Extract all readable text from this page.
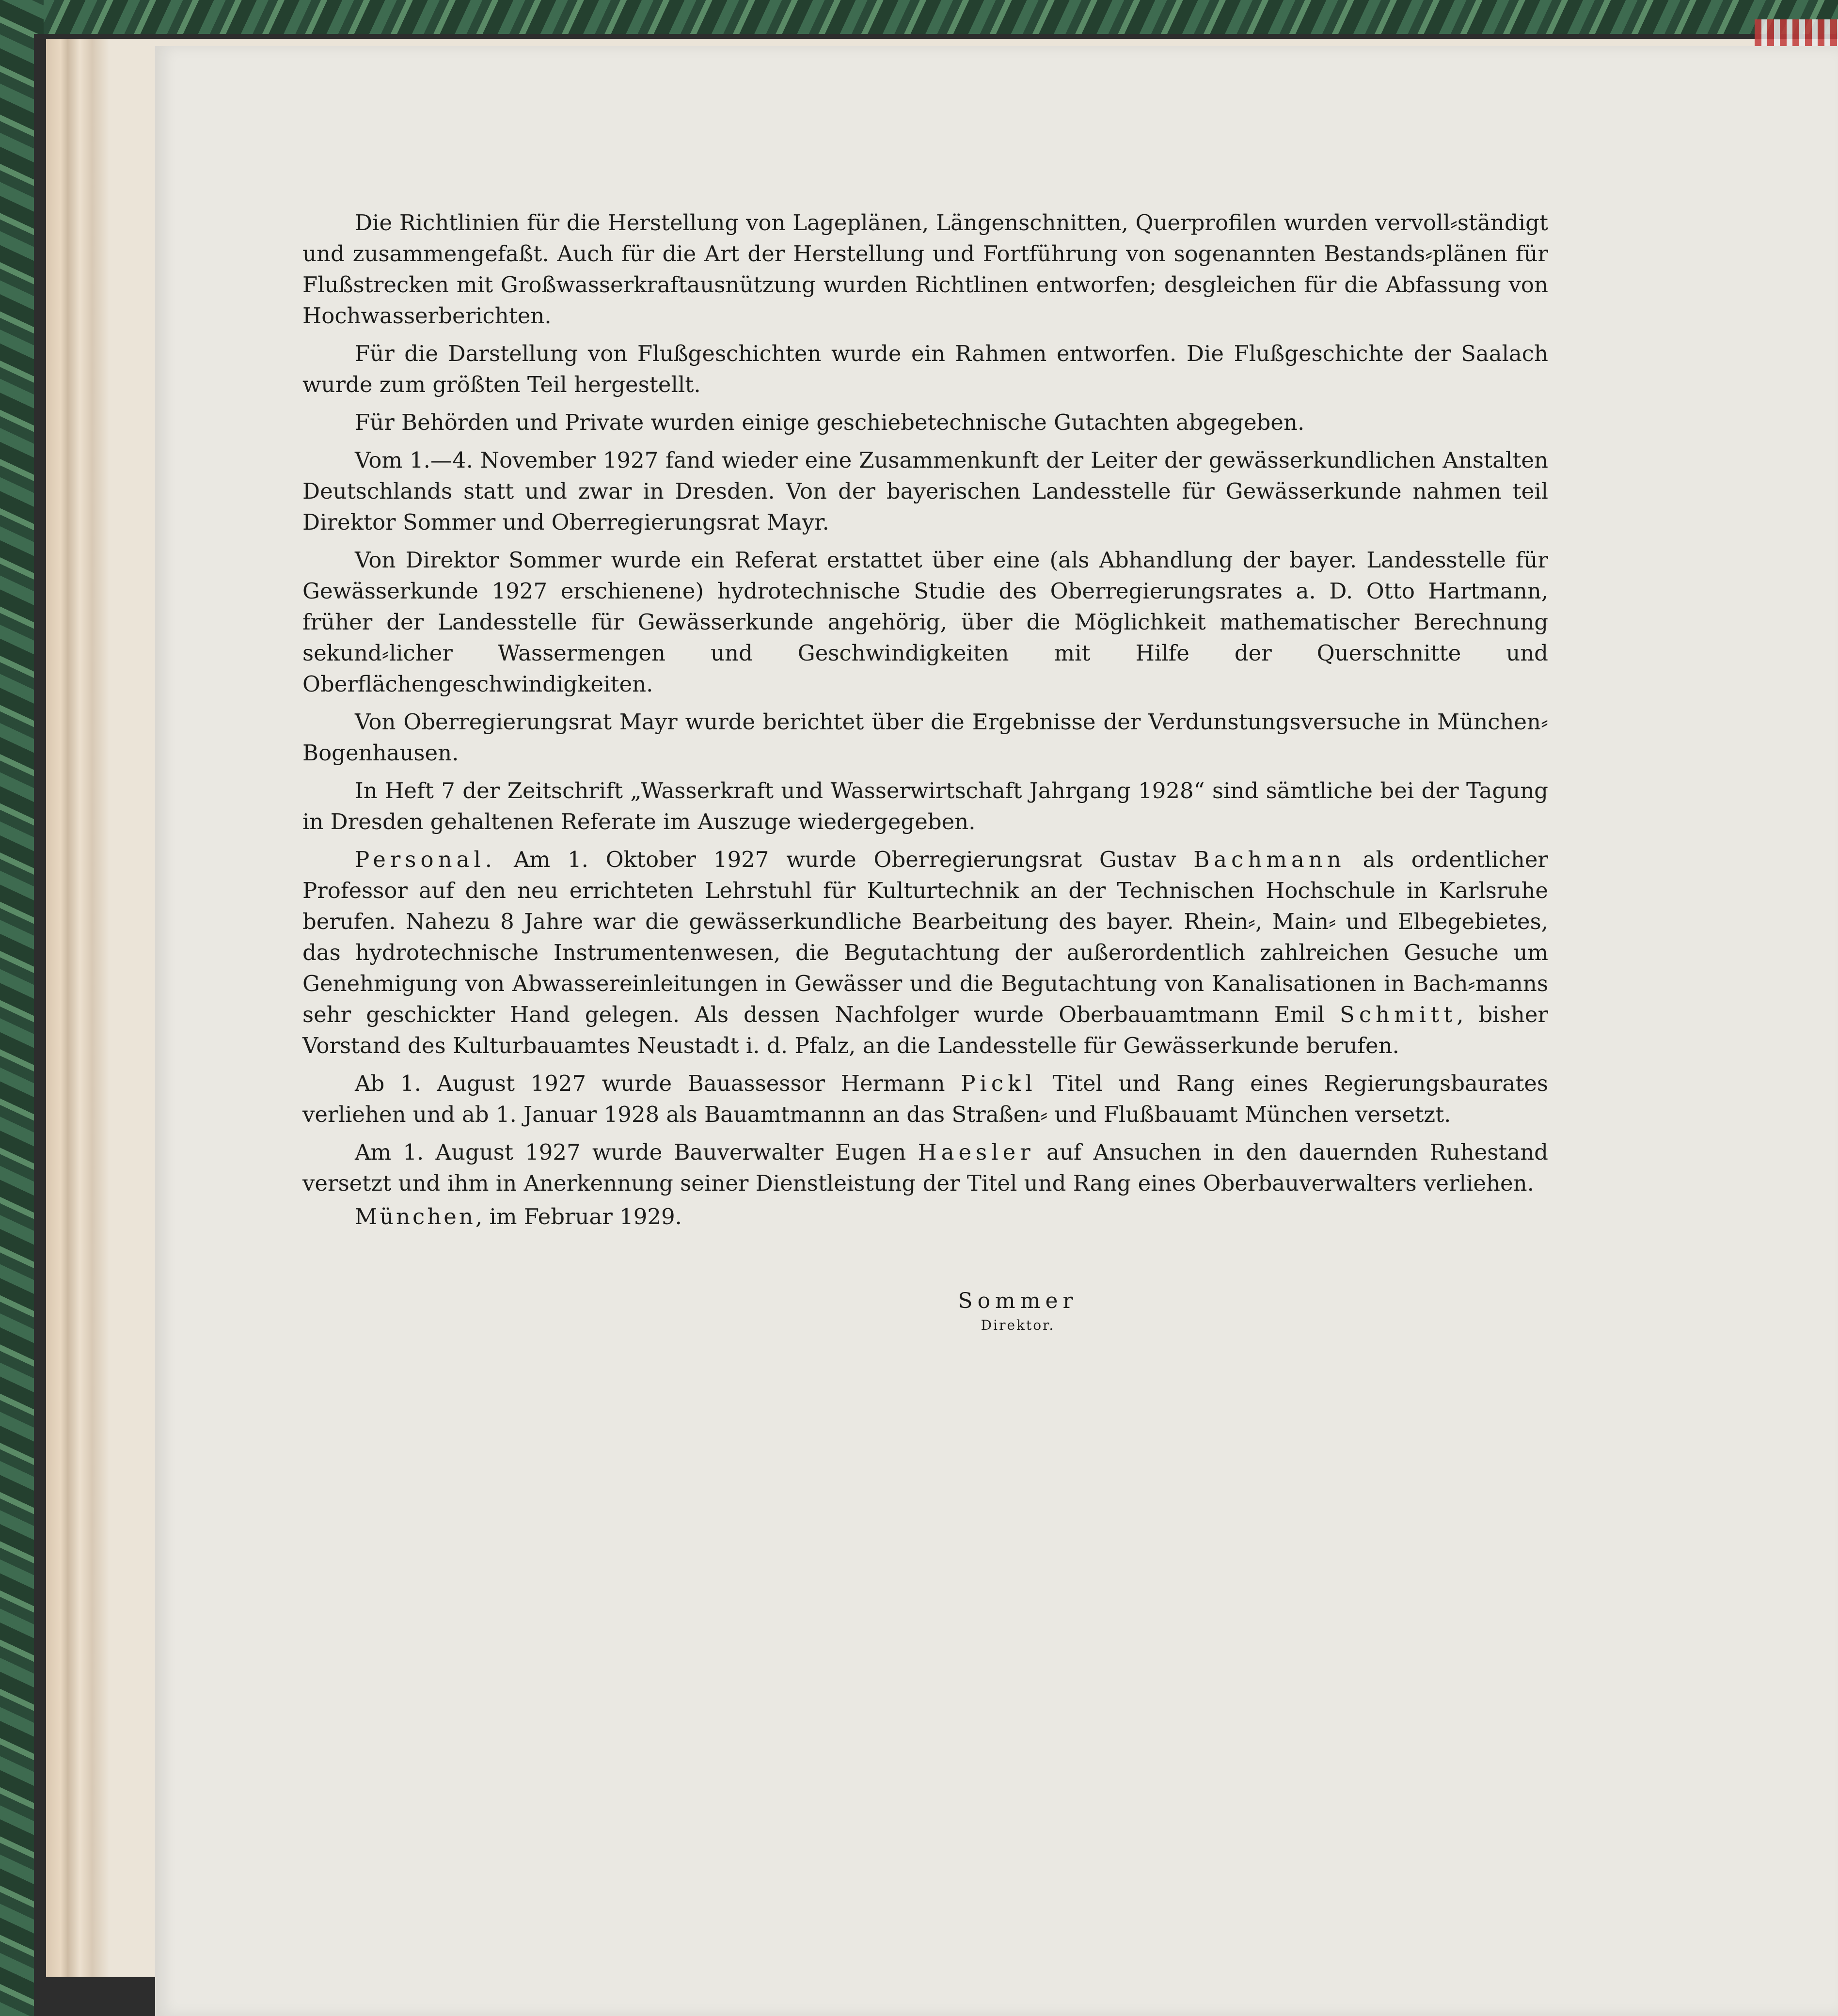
Die Richtlinien für die Herstellung von Lageplänen, Längenschnitten, Querprofilen wurden vervoll⸗ständigt und zusammengefaßt. Auch für die Art der Herstellung und Fortführung von sogenannten Bestands⸗plänen für Flußstrecken mit Großwasserkraftausnützung wurden Richtlinen entworfen; desgleichen für die Abfassung von Hochwasserberichten.

Für die Darstellung von Flußgeschichten wurde ein Rahmen entworfen. Die Flußgeschichte der Saalach wurde zum größten Teil hergestellt.

Für Behörden und Private wurden einige geschiebetechnische Gutachten abgegeben.

Vom 1.—4. November 1927 fand wieder eine Zusammenkunft der Leiter der gewässerkundlichen Anstalten Deutschlands statt und zwar in Dresden. Von der bayerischen Landesstelle für Gewässerkunde nahmen teil Direktor Sommer und Oberregierungsrat Mayr.

Von Direktor Sommer wurde ein Referat erstattet über eine (als Abhandlung der bayer. Landesstelle für Gewässerkunde 1927 erschienene) hydrotechnische Studie des Oberregierungsrates a. D. Otto Hartmann, früher der Landesstelle für Gewässerkunde angehörig, über die Möglichkeit mathematischer Berechnung sekund⸗licher Wassermengen und Geschwindigkeiten mit Hilfe der Querschnitte und Oberflächengeschwindigkeiten.

Von Oberregierungsrat Mayr wurde berichtet über die Ergebnisse der Verdunstungsversuche in München⸗Bogenhausen.

In Heft 7 der Zeitschrift „Wasserkraft und Wasserwirtschaft Jahrgang 1928“ sind sämtliche bei der Tagung in Dresden gehaltenen Referate im Auszuge wiedergegeben.

Personal. Am 1. Oktober 1927 wurde Oberregierungsrat Gustav Bachmann als ordentlicher Professor auf den neu errichteten Lehrstuhl für Kulturtechnik an der Technischen Hochschule in Karlsruhe berufen. Nahezu 8 Jahre war die gewässerkundliche Bearbeitung des bayer. Rhein⸗, Main⸗ und Elbegebietes, das hydrotechnische Instrumentenwesen, die Begutachtung der außerordentlich zahlreichen Gesuche um Genehmigung von Abwassereinleitungen in Gewässer und die Begutachtung von Kanalisationen in Bach⸗manns sehr geschickter Hand gelegen. Als dessen Nachfolger wurde Oberbauamtmann Emil Schmitt, bisher Vorstand des Kulturbauamtes Neustadt i. d. Pfalz, an die Landesstelle für Gewässerkunde berufen.

Ab 1. August 1927 wurde Bauassessor Hermann Pickl Titel und Rang eines Regierungsbaurates verliehen und ab 1. Januar 1928 als Bauamtmannn an das Straßen⸗ und Flußbauamt München versetzt.

Am 1. August 1927 wurde Bauverwalter Eugen Haesler auf Ansuchen in den dauernden Ruhestand versetzt und ihm in Anerkennung seiner Dienstleistung der Titel und Rang eines Oberbauverwalters verliehen.

München, im Februar 1929.
Sommer
Direktor.
